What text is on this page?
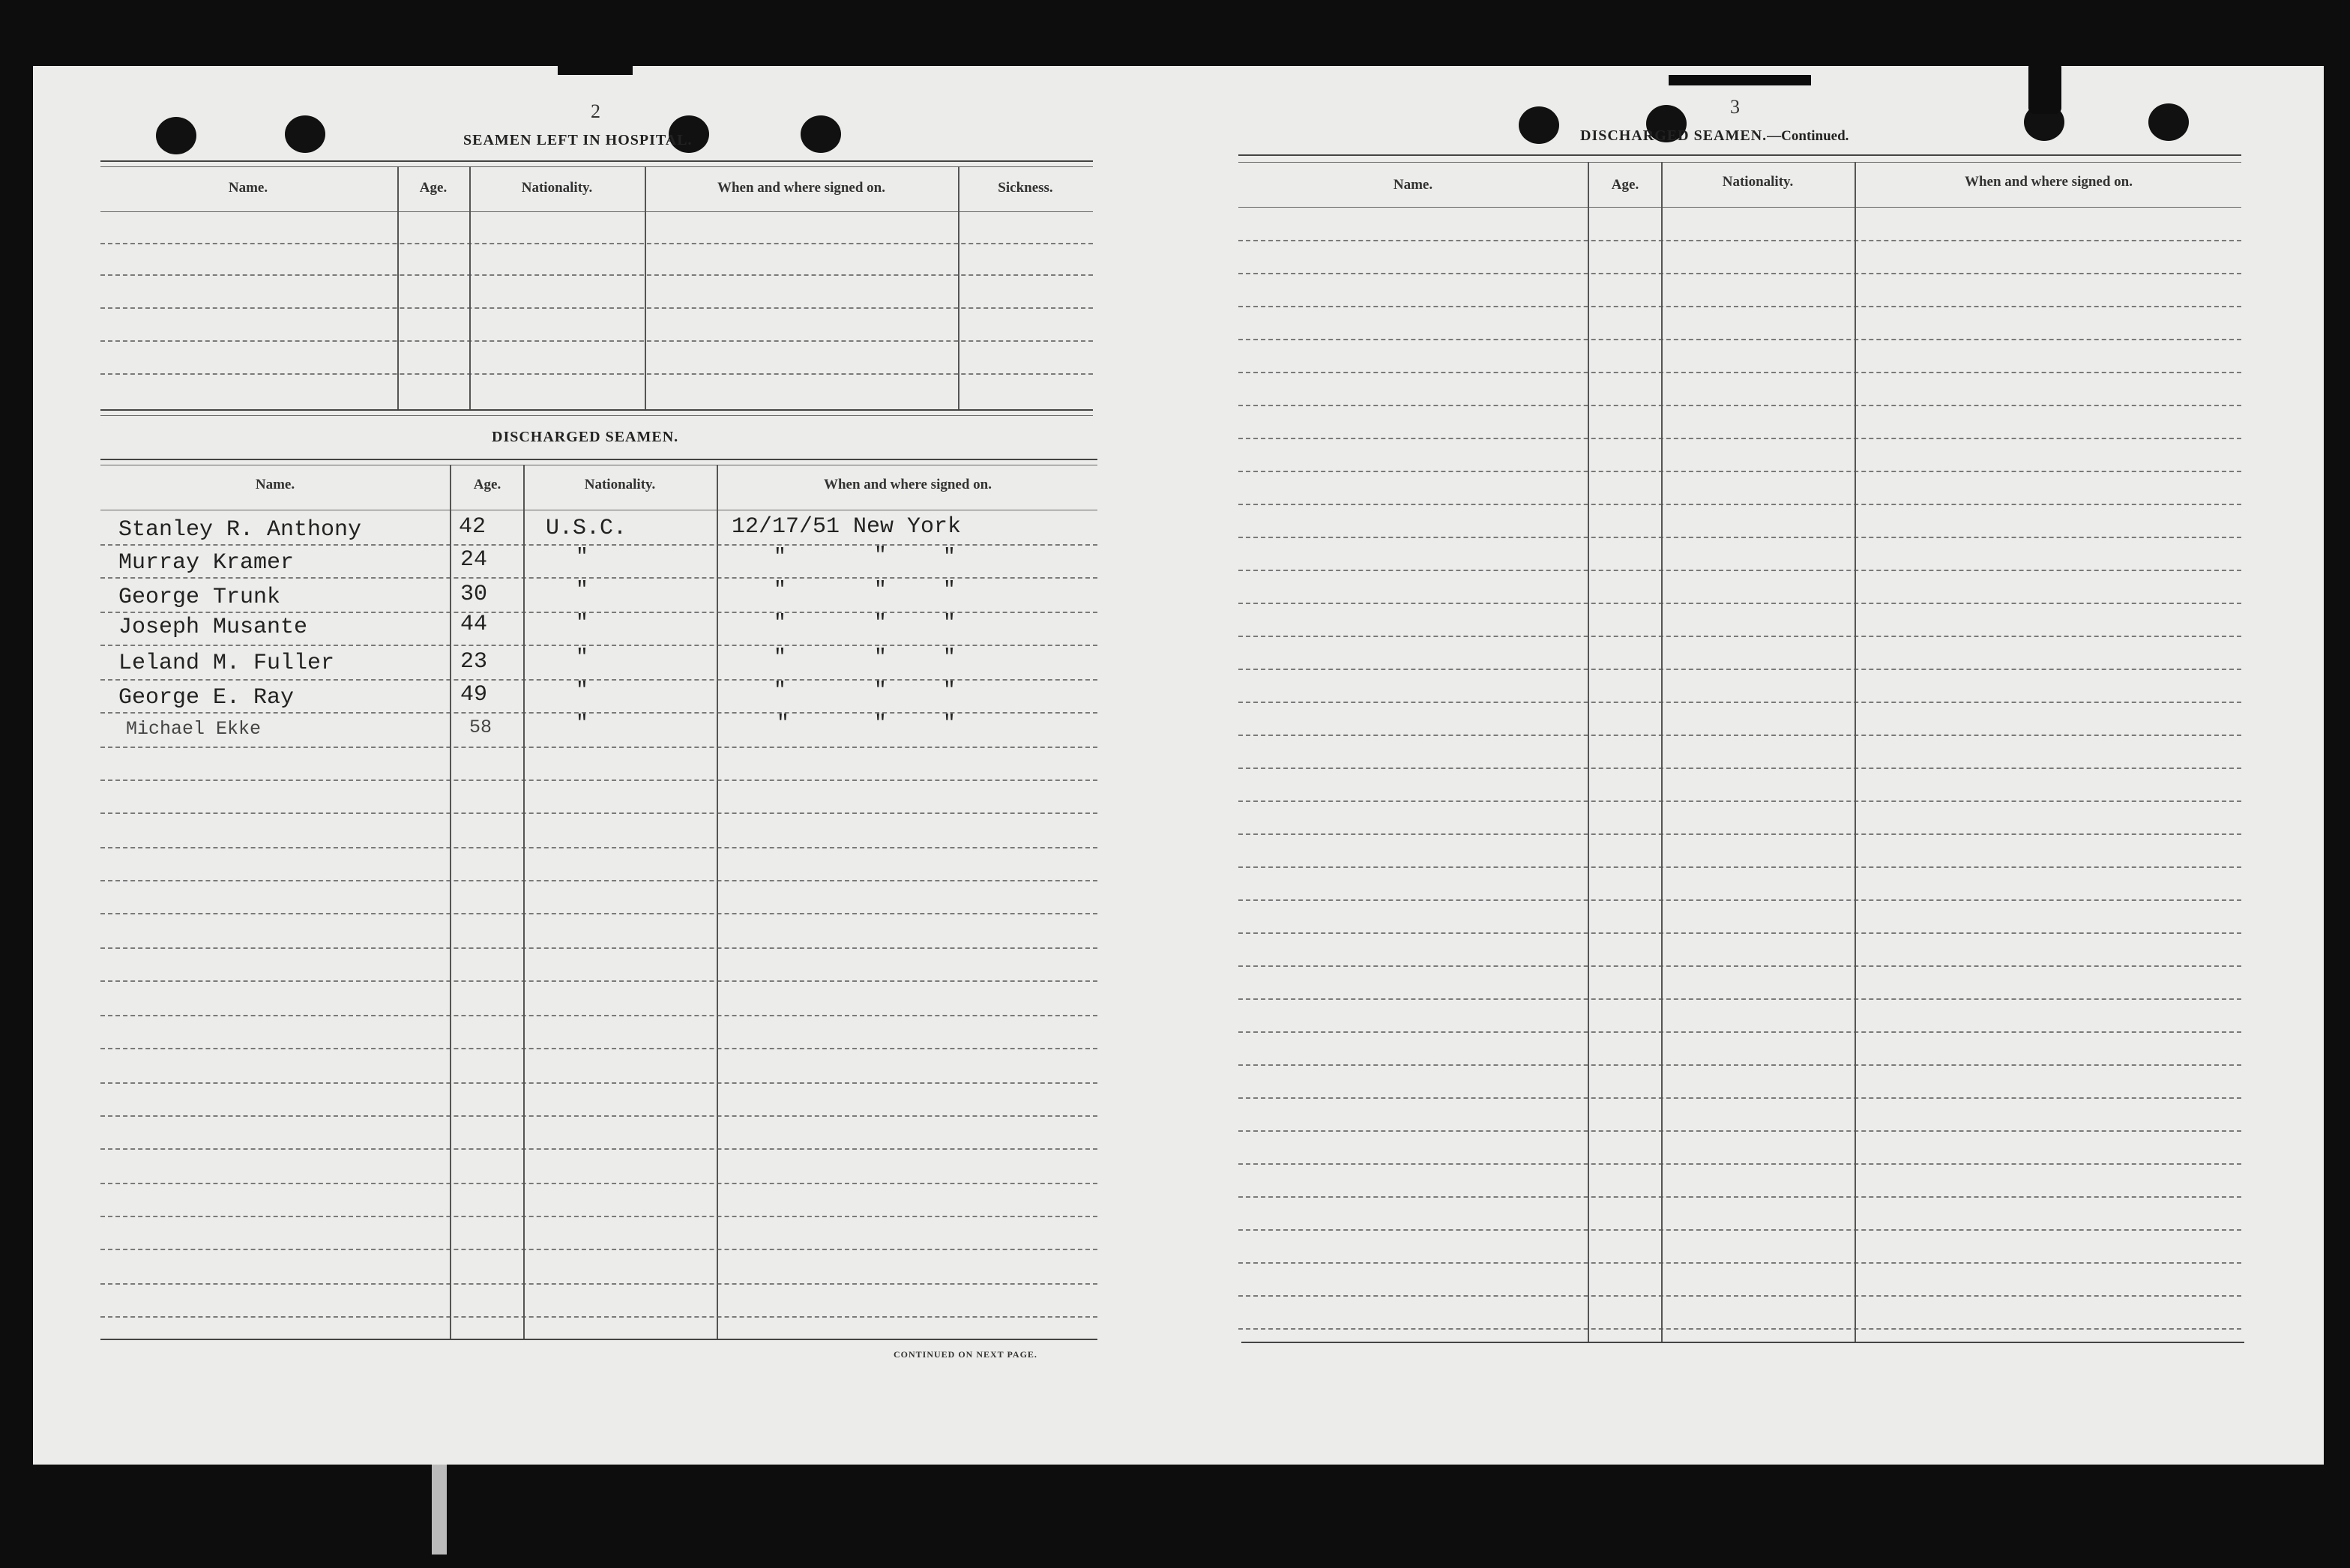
2
SEAMEN LEFT IN HOSPITAL.
Name.	Age.	Nationality.	When and where signed on.	Sickness.
DISCHARGED SEAMEN.
Name.	Age.	Nationality.	When and where signed on.
Stanley R. Anthony	42	U.S.C.	12/17/51 New York
Murray Kramer	24	"	"	"	"
George Trunk	30	"	"	"	"
Joseph Musante	44	"	"	"	"
Leland M. Fuller	23	"	"	"	"
George E. Ray	49	"	"	"	"
Michael Ekke	58	"	"	"	"
CONTINUED ON NEXT PAGE.
3
DISCHARGED SEAMEN.—Continued.
Name.	Age.	Nationality.	When and where signed on.
